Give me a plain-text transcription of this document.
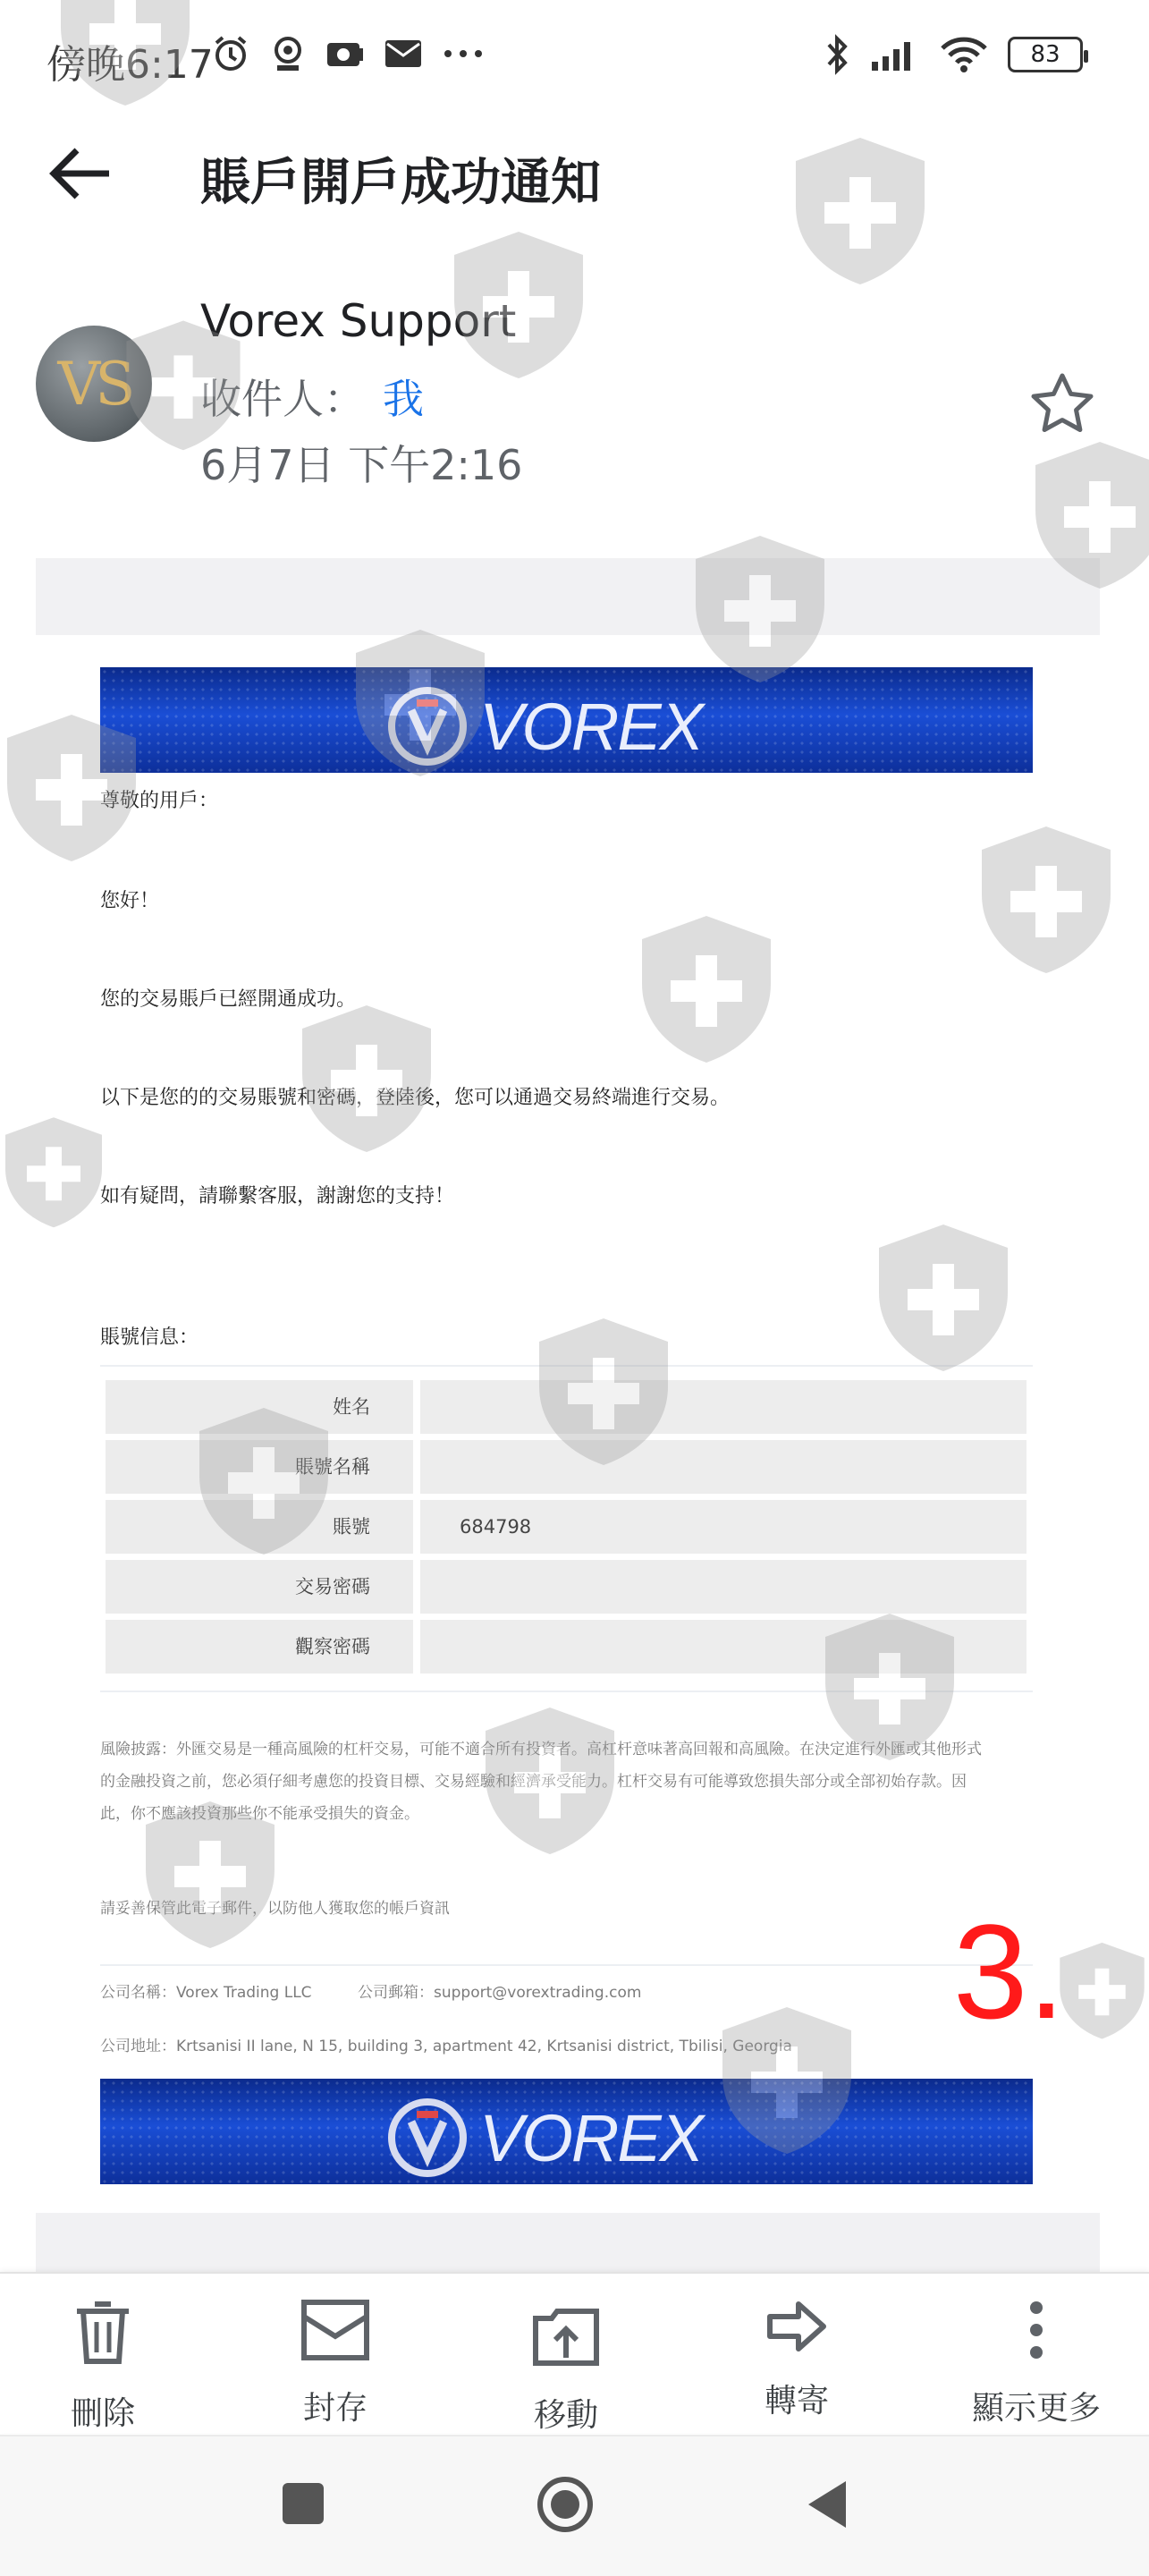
傍晚6:17	83
賬戶開戶成功通知
VS
Vorex Support
收件人： 我
6月7日 下午2:16
VORE X
尊敬的用戶：
您好！
您的交易賬戶已經開通成功。
以下是您的的交易賬號和密碼，登陸後，您可以通過交易終端進行交易。
如有疑問，請聯繫客服，謝謝您的支持！
賬號信息：
姓名
賬號名稱
賬號	684798
交易密碼
觀察密碼
風險披露：外匯交易是一種高風險的杠杆交易，可能不適合所有投資者。高杠杆意味著高回報和高風險。在決定進行外匯或其他形式
的金融投資之前，您必須仔細考慮您的投資目標、交易經驗和經濟承受能力。杠杆交易有可能導致您損失部分或全部初始存款。因
此，你不應該投資那些你不能承受損失的資金。
請妥善保管此電子郵件，以防他人獲取您的帳戶資訊
公司名稱：Vorex Trading LLC	公司郵箱：support@vorextrading.com
公司地址：Krtsanisi II lane, N 15, building 3, apartment 42, Krtsanisi district, Tbilisi, Georgia
VORE X
3.
刪除	封存	移動	轉寄	顯示更多
